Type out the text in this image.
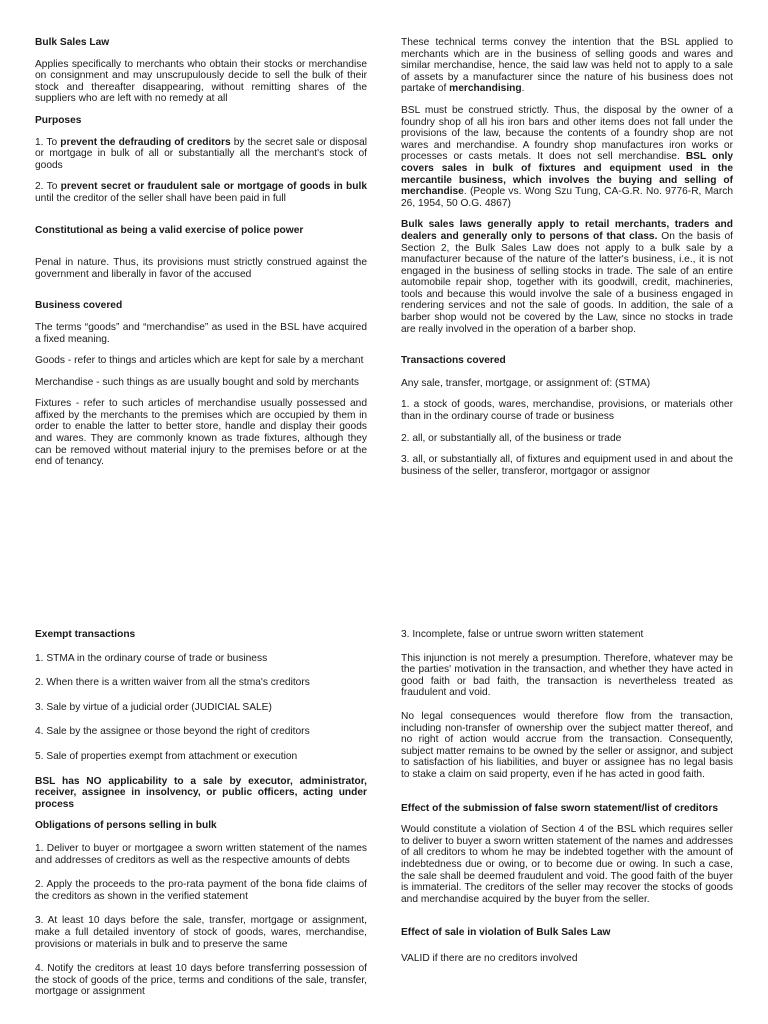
Bulk Sales Law

Applies specifically to merchants who obtain their stocks or merchandise on consignment and may unscrupulously decide to sell the bulk of their stock and thereafter disappearing, without remitting shares of the suppliers who are left with no remedy at all

Purposes

1. To prevent the defrauding of creditors by the secret sale or disposal or mortgage in bulk of all or substantially all the merchant's stock of goods

2. To prevent secret or fraudulent sale or mortgage of goods in bulk until the creditor of the seller shall have been paid in full

Constitutional as being a valid exercise of police power

Penal in nature. Thus, its provisions must strictly construed against the government and liberally in favor of the accused

Business covered

The terms “goods” and “merchandise” as used in the BSL have acquired a fixed meaning.

Goods - refer to things and articles which are kept for sale by a merchant

Merchandise - such things as are usually bought and sold by merchants

Fixtures - refer to such articles of merchandise usually possessed and affixed by the merchants to the premises which are occupied by them in order to enable the latter to better store, handle and display their goods and wares. They are commonly known as trade fixtures, although they can be removed without material injury to the premises before or at the end of tenancy.

These technical terms convey the intention that the BSL applied to merchants which are in the business of selling goods and wares and similar merchandise, hence, the said law was held not to apply to a sale of assets by a manufacturer since the nature of his business does not partake of merchandising.

BSL must be construed strictly. Thus, the disposal by the owner of a foundry shop of all his iron bars and other items does not fall under the provisions of the law, because the contents of a foundry shop are not wares and merchandise. A foundry shop manufactures iron works or processes or casts metals. It does not sell merchandise. BSL only covers sales in bulk of fixtures and equipment used in the mercantile business, which involves the buying and selling of merchandise. (People vs. Wong Szu Tung, CA-G.R. No. 9776-R, March 26, 1954, 50 O.G. 4867)

Bulk sales laws generally apply to retail merchants, traders and dealers and generally only to persons of that class. On the basis of Section 2, the Bulk Sales Law does not apply to a bulk sale by a manufacturer because of the nature of the latter's business, i.e., it is not engaged in the business of selling stocks in trade. The sale of an entire automobile repair shop, together with its goodwill, credit, machineries, tools and because this would involve the sale of a business engaged in rendering services and not the sale of goods. In addition, the sale of a barber shop would not be covered by the Law, since no stocks in trade are really involved in the operation of a barber shop.

Transactions covered

Any sale, transfer, mortgage, or assignment of: (STMA)

1. a stock of goods, wares, merchandise, provisions, or materials other than in the ordinary course of trade or business

2. all, or substantially all, of the business or trade

3. all, or substantially all, of fixtures and equipment used in and about the business of the seller, transferor, mortgagor or assignor

Exempt transactions

1. STMA in the ordinary course of trade or business

2. When there is a written waiver from all the stma's creditors

3. Sale by virtue of a judicial order (JUDICIAL SALE)

4. Sale by the assignee or those beyond the right of creditors

5. Sale of properties exempt from attachment or execution

BSL has NO applicability to a sale by executor, administrator, receiver, assignee in insolvency, or public officers, acting under process

Obligations of persons selling in bulk

1. Deliver to buyer or mortgagee a sworn written statement of the names and addresses of creditors as well as the respective amounts of debts

2. Apply the proceeds to the pro-rata payment of the bona fide claims of the creditors as shown in the verified statement

3. At least 10 days before the sale, transfer, mortgage or assignment, make a full detailed inventory of stock of goods, wares, merchandise, provisions or materials in bulk and to preserve the same

4. Notify the creditors at least 10 days before transferring possession of the stock of goods of the price, terms and conditions of the sale, transfer, mortgage or assignment

3. Incomplete, false or untrue sworn written statement

This injunction is not merely a presumption. Therefore, whatever may be the parties' motivation in the transaction, and whether they have acted in good faith or bad faith, the transaction is nevertheless treated as fraudulent and void.

No legal consequences would therefore flow from the transaction, including non-transfer of ownership over the subject matter thereof, and no right of action would accrue from the transaction. Consequently, subject matter remains to be owned by the seller or assignor, and subject to satisfaction of his liabilities, and buyer or assignee has no legal basis to stake a claim on said property, even if he has acted in good faith.

Effect of the submission of false sworn statement/list of creditors

Would constitute a violation of Section 4 of the BSL which requires seller to deliver to buyer a sworn written statement of the names and addresses of all creditors to whom he may be indebted together with the amount of indebtedness due or owing, or to become due or owing. In such a case, the sale shall be deemed fraudulent and void. The good faith of the buyer is immaterial. The creditors of the seller may recover the stocks of goods and merchandise acquired by the buyer from the seller.

Effect of sale in violation of Bulk Sales Law

VALID if there are no creditors involved
